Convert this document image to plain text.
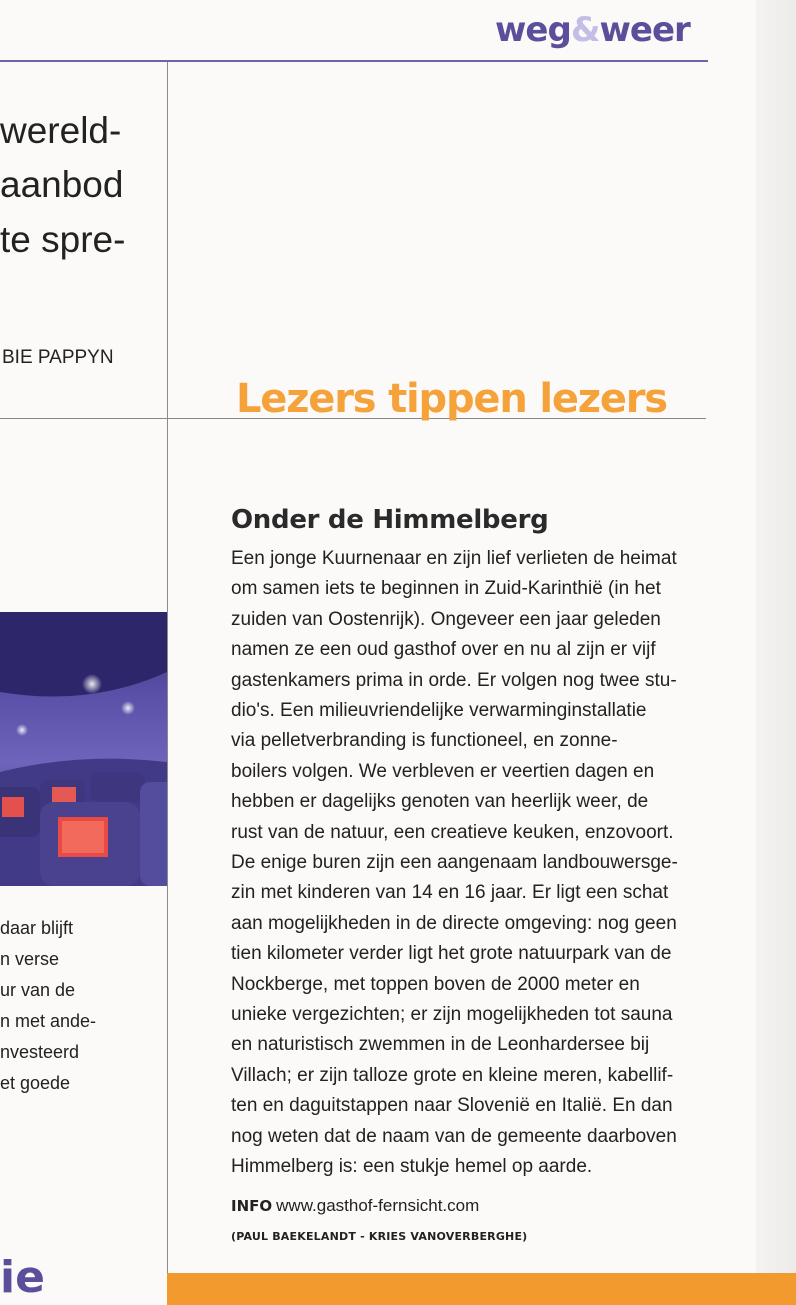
weg&weer
wereld-
aanbod
te spre-
BIE PAPPYN
daar blijft
n verse
ur van de
n met ande-
nvesteerd
et goede
ie
Lezers tippen lezers
Onder de Himmelberg
Een jonge Kuurnenaar en zijn lief verlieten de heimat
om samen iets te beginnen in Zuid-Karinthië (in het
zuiden van Oostenrijk). Ongeveer een jaar geleden
namen ze een oud gasthof over en nu al zijn er vijf
gastenkamers prima in orde. Er volgen nog twee stu-
dio's. Een milieuvriendelijke verwarminginstallatie
via pelletverbranding is functioneel, en zonne-
boilers volgen. We verbleven er veertien dagen en
hebben er dagelijks genoten van heerlijk weer, de
rust van de natuur, een creatieve keuken, enzovoort.
De enige buren zijn een aangenaam landbouwersge-
zin met kinderen van 14 en 16 jaar. Er ligt een schat
aan mogelijkheden in de directe omgeving: nog geen
tien kilometer verder ligt het grote natuurpark van de
Nockberge, met toppen boven de 2000 meter en
unieke vergezichten; er zijn mogelijkheden tot sauna
en naturistisch zwemmen in de Leonhardersee bij
Villach; er zijn talloze grote en kleine meren, kabellif-
ten en daguitstappen naar Slovenië en Italië. En dan
nog weten dat de naam van de gemeente daarboven
Himmelberg is: een stukje hemel op aarde.
INFO www.gasthof-fernsicht.com
(PAUL BAEKELANDT - KRIES VANOVERBERGHE)
